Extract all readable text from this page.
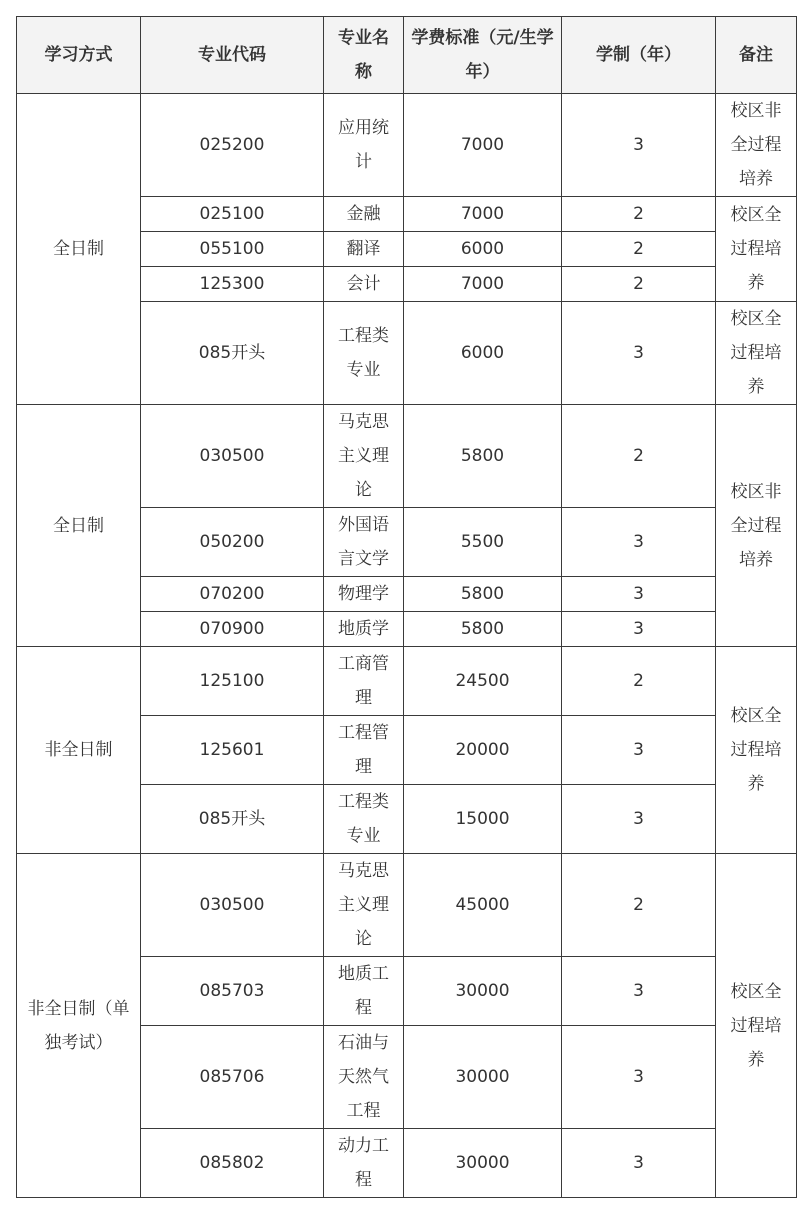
学习方式	专业代码	专业名称	学费标准（元/生学年）	学制（年）	备注
全日制	025200	应用统计	7000	3	校区非全过程培养
	025100	金融	7000	2	校区全过程培养
	055100	翻译	6000	2	
	125300	会计	7000	2	
	085开头	工程类专业	6000	3	校区全过程培养
全日制	030500	马克思主义理论	5800	2	校区非全过程培养
	050200	外国语言文学	5500	3	
	070200	物理学	5800	3	
	070900	地质学	5800	3	
非全日制	125100	工商管理	24500	2	校区全过程培养
	125601	工程管理	20000	3	
	085开头	工程类专业	15000	3	
非全日制（单独考试）	030500	马克思主义理论	45000	2	校区全过程培养
	085703	地质工程	30000	3	
	085706	石油与天然气工程	30000	3	
	085802	动力工程	30000	3	
